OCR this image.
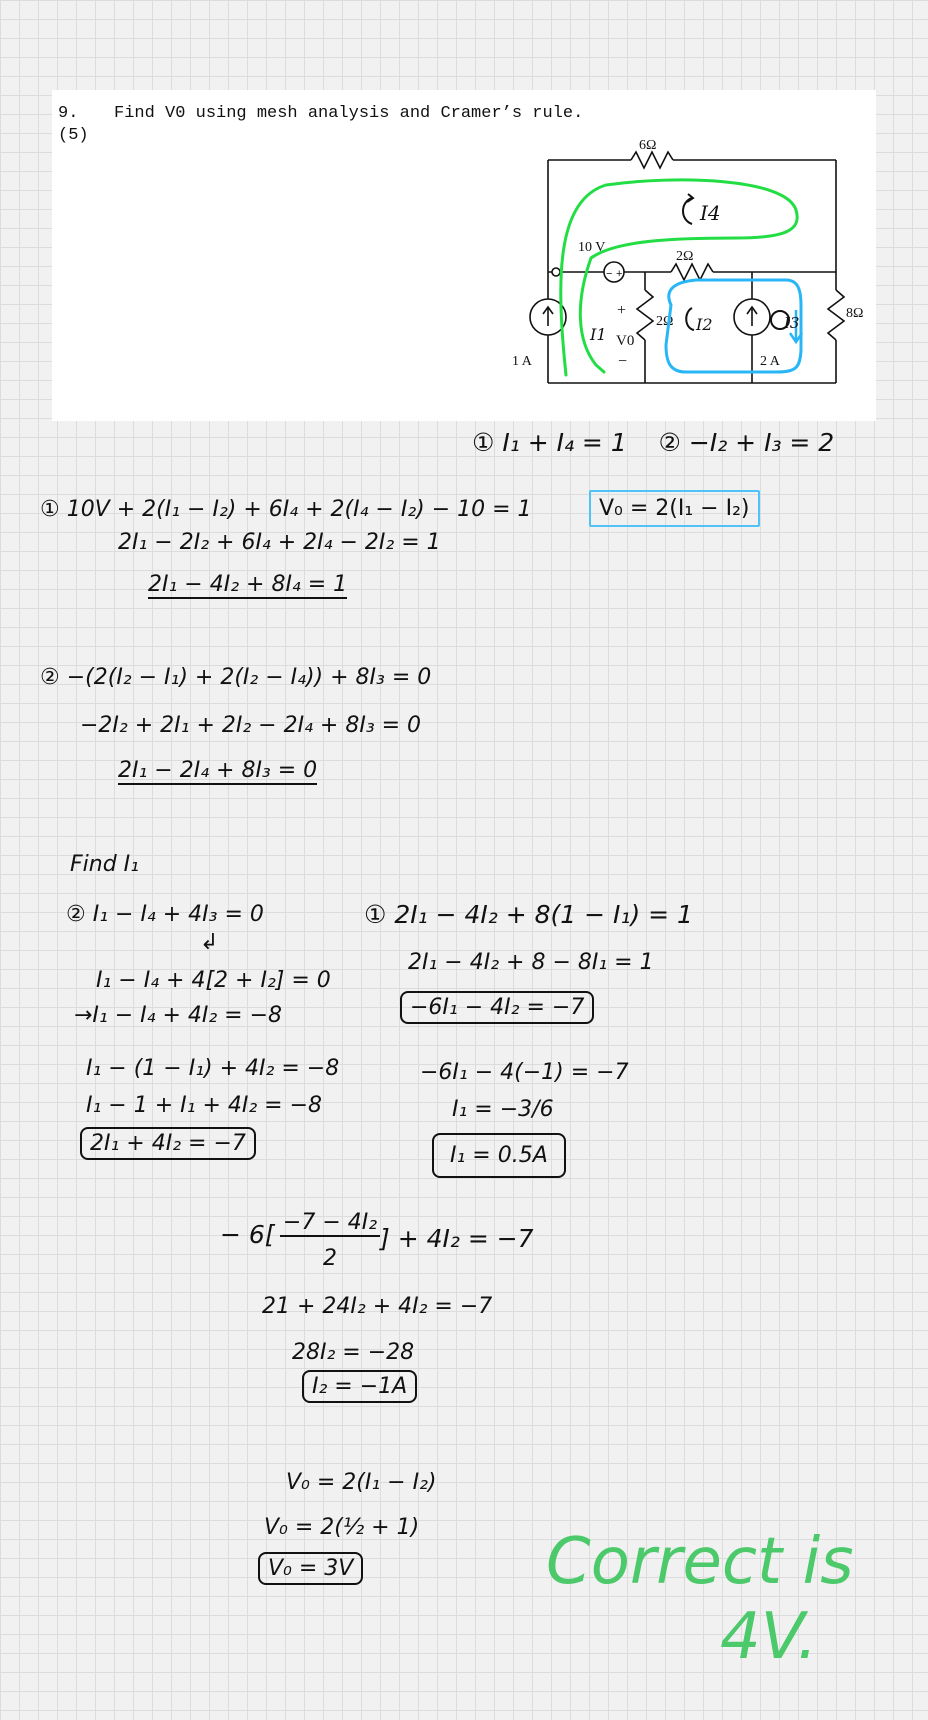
9.
(5)
Find V0 using mesh analysis and Cramer’s rule.
− +
6Ω
2Ω
10 V
2Ω
8Ω
1 A	2 A
+
−
V0
I4
I1
I2	I3
① I₁ + I₄ = 1    ② −I₂ + I₃ = 2
V₀ = 2(I₁ − I₂)
① 10V + 2(I₁ − I₂) + 6I₄ + 2(I₄ − I₂) − 10 = 1
2I₁ − 2I₂ + 6I₄ + 2I₄ − 2I₂ = 1
2I₁ − 4I₂ + 8I₄ = 1
② −(2(I₂ − I₁) + 2(I₂ − I₄)) + 8I₃ = 0
−2I₂ + 2I₁ + 2I₂ − 2I₄ + 8I₃ = 0
2I₁ − 2I₄ + 8I₃ = 0
Find I₁
② I₁ − I₄ + 4I₃ = 0
↲
I₁ − I₄ + 4[2 + I₂] = 0
→I₁ − I₄ + 4I₂ = −8
I₁ − (1 − I₁) + 4I₂ = −8
I₁ − 1 + I₁ + 4I₂ = −8
2I₁ + 4I₂ = −7
① 2I₁ − 4I₂ + 8(1 − I₁) = 1
2I₁ − 4I₂ + 8 − 8I₁ = 1
−6I₁ − 4I₂ = −7
−6I₁ − 4(−1) = −7
I₁ = −3/6
I₁ = 0.5A
− 6[ −7 − 4I₂
2
] + 4I₂ = −7
21 + 24I₂ + 4I₂ = −7
28I₂ = −28
I₂ = −1A
V₀ = 2(I₁ − I₂)
V₀ = 2(½ + 1)
V₀ = 3V	Correct is
4V.
